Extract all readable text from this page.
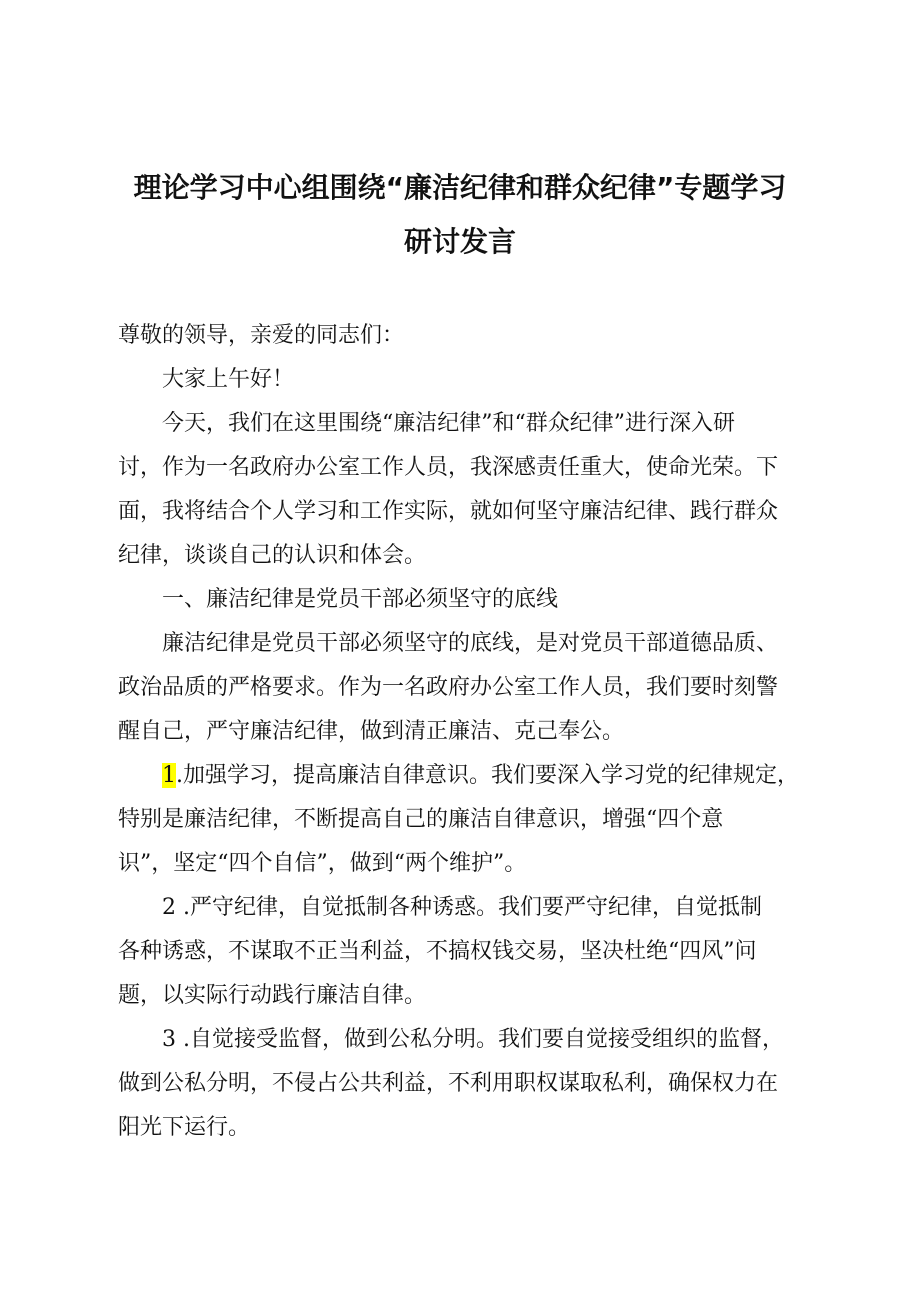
理论学习中心组围绕“廉洁纪律和群众纪律”专题学习
研讨发言
尊敬的领导，亲爱的同志们：
大家上午好！
今天，我们在这里围绕“廉洁纪律”和“群众纪律”进行深入研
讨，作为一名政府办公室工作人员，我深感责任重大，使命光荣。下
面，我将结合个人学习和工作实际，就如何坚守廉洁纪律、践行群众
纪律，谈谈自己的认识和体会。
一、廉洁纪律是党员干部必须坚守的底线
廉洁纪律是党员干部必须坚守的底线，是对党员干部道德品质、
政治品质的严格要求。作为一名政府办公室工作人员，我们要时刻警
醒自己，严守廉洁纪律，做到清正廉洁、克己奉公。
1.加强学习，提高廉洁自律意识。我们要深入学习党的纪律规定，
特别是廉洁纪律，不断提高自己的廉洁自律意识，增强“四个意
识”，坚定“四个自信”，做到“两个维护”。
2 .严守纪律，自觉抵制各种诱惑。我们要严守纪律，自觉抵制
各种诱惑，不谋取不正当利益，不搞权钱交易，坚决杜绝“四风”问
题，以实际行动践行廉洁自律。
3 .自觉接受监督，做到公私分明。我们要自觉接受组织的监督，
做到公私分明，不侵占公共利益，不利用职权谋取私利，确保权力在
阳光下运行。
